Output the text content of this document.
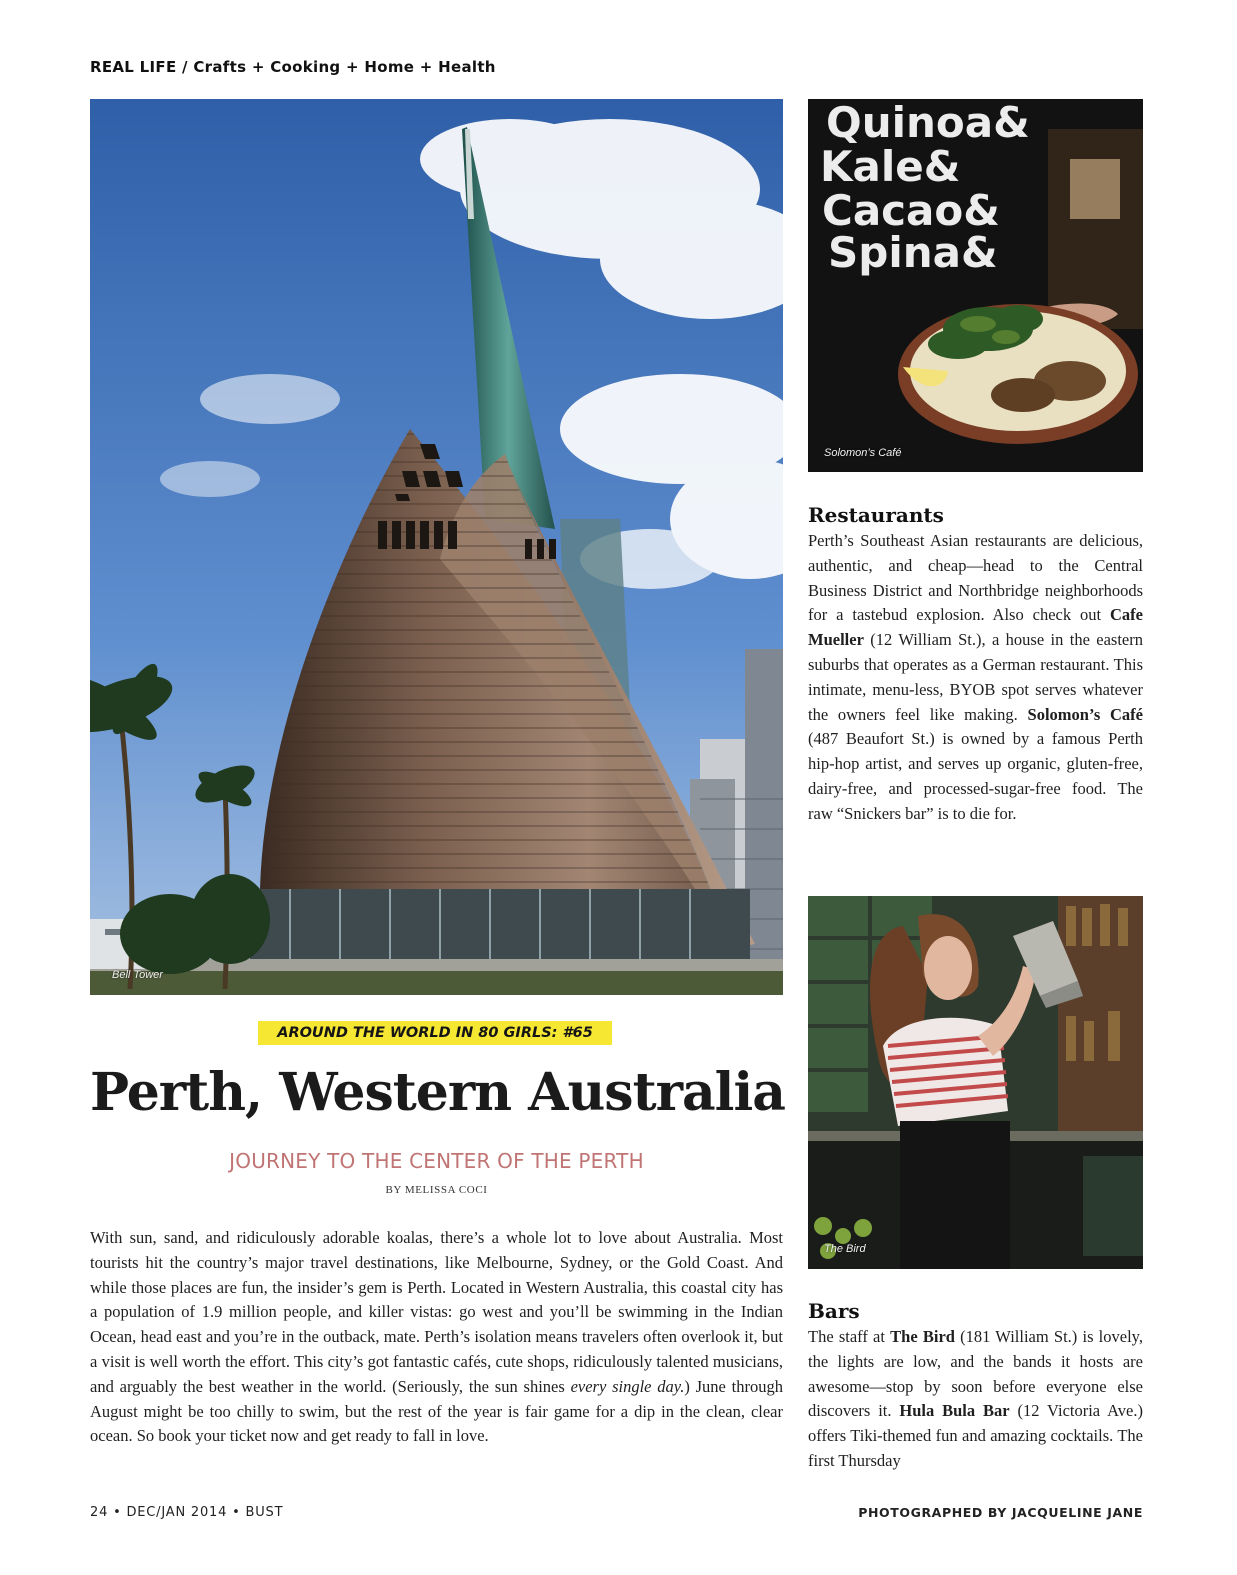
REAL LIFE / Crafts + Cooking + Home + Health
Bell Tower
Quinoa&
Kale&
Cacao&
Spina&
Solomon’s Café
Restaurants

Perth’s Southeast Asian restaurants are delicious, authentic, and cheap—head to the Central Business District and Northbridge neighborhoods for a tastebud explosion. Also check out Cafe Mueller (12 William St.), a house in the eastern suburbs that operates as a German restaurant. This intimate, menu-less, BYOB spot serves whatever the owners feel like making. Solomon’s Café (487 Beaufort St.) is owned by a famous Perth hip-hop artist, and serves up organic, gluten-free, dairy-free, and processed-sugar-free food. The raw “Snickers bar” is to die for.

The Bird
Bars

The staff at The Bird (181 William St.) is lovely, the lights are low, and the bands it hosts are awesome—stop by soon before everyone else discovers it. Hula Bula Bar (12 Victoria Ave.) offers Tiki-themed fun and amazing cocktails. The first Thursday

AROUND THE WORLD IN 80 GIRLS: #65
Perth, Western Australia
JOURNEY TO THE CENTER OF THE PERTH
BY MELISSA COCI

With sun, sand, and ridiculously adorable koalas, there’s a whole lot to love about Australia. Most tourists hit the country’s major travel destinations, like Melbourne, Sydney, or the Gold Coast. And while those places are fun, the insider’s gem is Perth. Located in Western Australia, this coastal city has a population of 1.9 million people, and killer vistas: go west and you’ll be swimming in the Indian Ocean, head east and you’re in the outback, mate. Perth’s isolation means travelers often overlook it, but a visit is well worth the effort. This city’s got fantastic cafés, cute shops, ridiculously talented musicians, and arguably the best weather in the world. (Seriously, the sun shines every single day.) June through August might be too chilly to swim, but the rest of the year is fair game for a dip in the clean, clear ocean. So book your ticket now and get ready to fall in love.

24 • DEC/JAN 2014 • BUST	PHOTOGRAPHED BY JACQUELINE JANE
